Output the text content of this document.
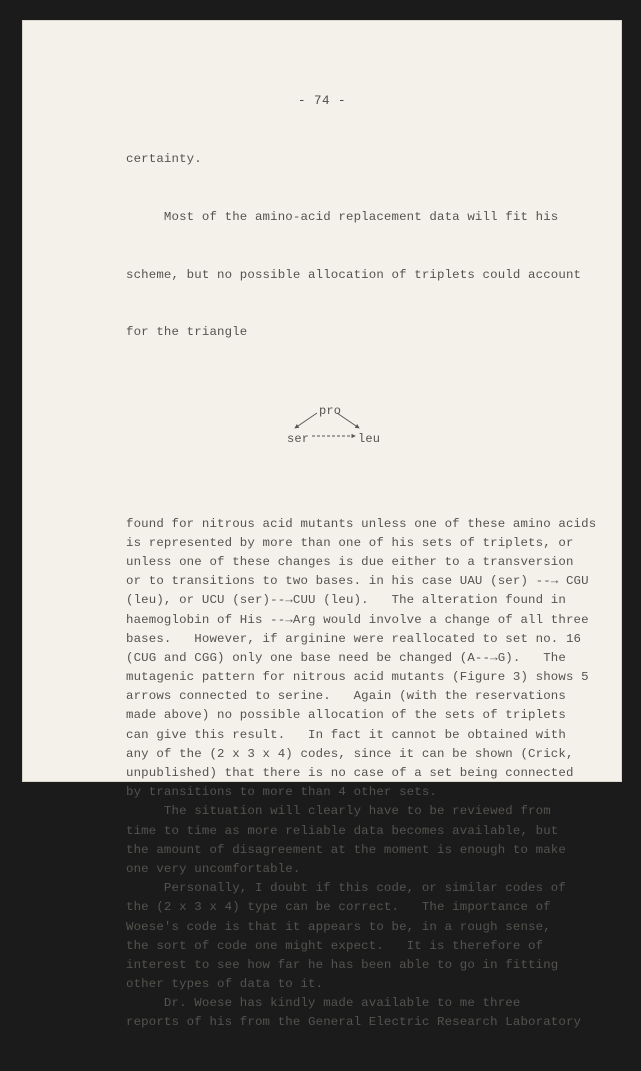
- 74 -

certainty.

Most of the amino-acid replacement data will fit his

scheme, but no possible allocation of triplets could account

for the triangle

pro

ser

	leu

found for nitrous acid mutants unless one of these amino acids
is represented by more than one of his sets of triplets, or
unless one of these changes is due either to a transversion
or to transitions to two bases. in his case UAU (ser) --→ CGU
(leu), or UCU (ser)--→CUU (leu).   The alteration found in
haemoglobin of His --→Arg would involve a change of all three
bases.   However, if arginine were reallocated to set no. 16
(CUG and CGG) only one base need be changed (A--→G).   The
mutagenic pattern for nitrous acid mutants (Figure 3) shows 5
arrows connected to serine.   Again (with the reservations
made above) no possible allocation of the sets of triplets
can give this result.   In fact it cannot be obtained with
any of the (2 x 3 x 4) codes, since it can be shown (Crick,
unpublished) that there is no case of a set being connected
by transitions to more than 4 other sets.
The situation will clearly have to be reviewed from
time to time as more reliable data becomes available, but
the amount of disagreement at the moment is enough to make
one very uncomfortable.
Personally, I doubt if this code, or similar codes of
the (2 x 3 x 4) type can be correct.   The importance of
Woese's code is that it appears to be, in a rough sense,
the sort of code one might expect.   It is therefore of
interest to see how far he has been able to go in fitting
other types of data to it.
Dr. Woese has kindly made available to me three
reports of his from the General Electric Research Laboratory
